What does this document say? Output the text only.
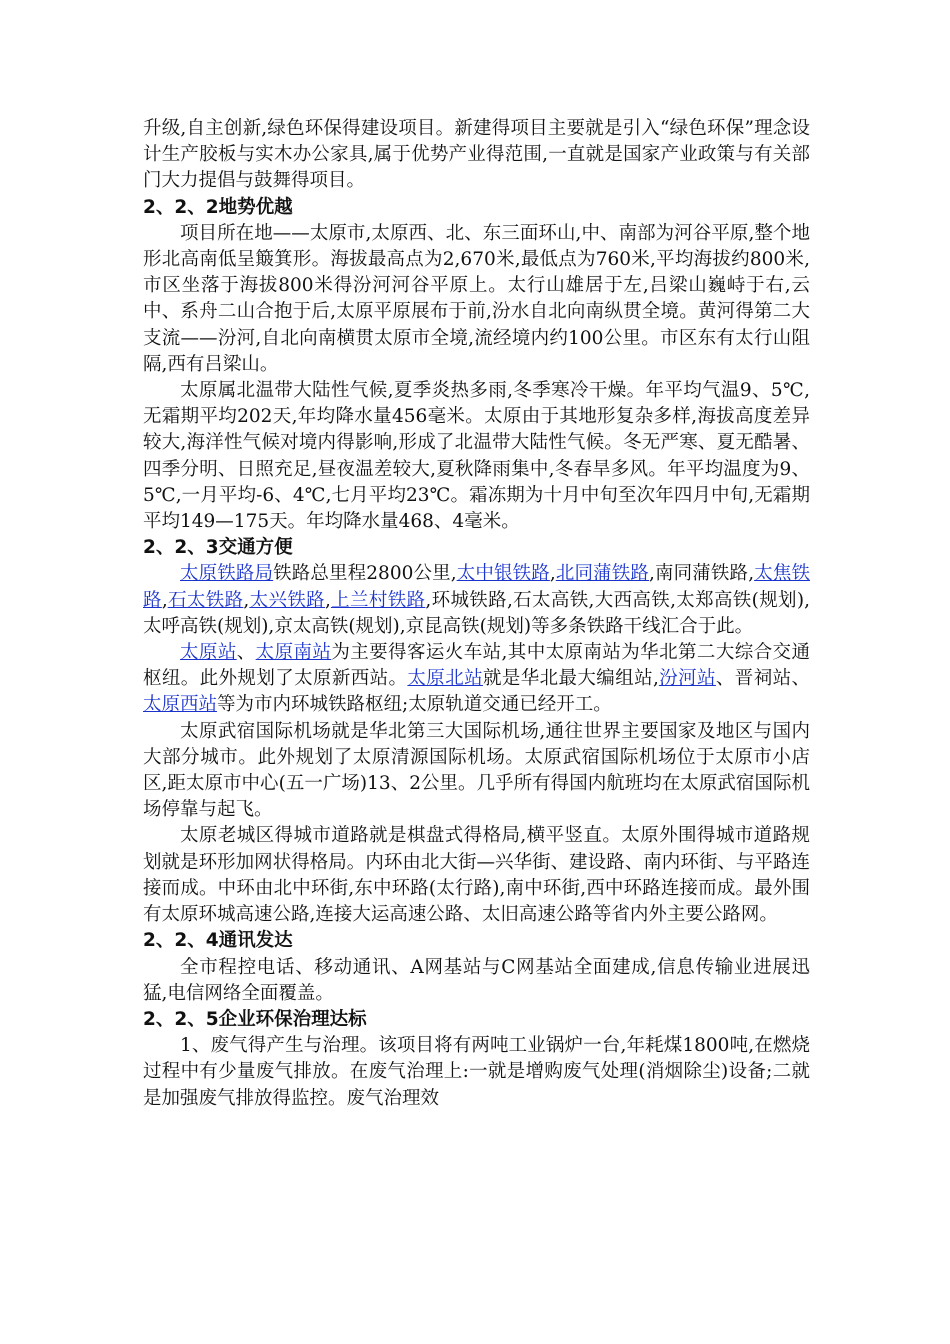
升级,自主创新,绿色环保得建设项目。新建得项目主要就是引入“绿色环保”理念设计生产胶板与实木办公家具,属于优势产业得范围,一直就是国家产业政策与有关部门大力提倡与鼓舞得项目。

2、2、2地势优越

项目所在地——太原市,太原西、北、东三面环山,中、南部为河谷平原,整个地形北高南低呈簸箕形。海拔最高点为2,670米,最低点为760米,平均海拔约800米,市区坐落于海拔800米得汾河河谷平原上。太行山雄居于左,吕梁山巍峙于右,云中、系舟二山合抱于后,太原平原展布于前,汾水自北向南纵贯全境。黄河得第二大支流——汾河,自北向南横贯太原市全境,流经境内约100公里。市区东有太行山阻隔,西有吕梁山。

太原属北温带大陆性气候,夏季炎热多雨,冬季寒冷干燥。年平均气温9、5℃,无霜期平均202天,年均降水量456毫米。太原由于其地形复杂多样,海拔高度差异较大,海洋性气候对境内得影响,形成了北温带大陆性气候。冬无严寒、夏无酷暑、四季分明、日照充足,昼夜温差较大,夏秋降雨集中,冬春旱多风。年平均温度为9、5℃,一月平均-6、4℃,七月平均23℃。霜冻期为十月中旬至次年四月中旬,无霜期平均149—175天。年均降水量468、4毫米。

2、2、3交通方便

太原铁路局铁路总里程2800公里,太中银铁路,北同蒲铁路,南同蒲铁路,太焦铁路,石太铁路,太兴铁路,上兰村铁路,环城铁路,石太高铁,大西高铁,太郑高铁(规划),太呼高铁(规划),京太高铁(规划),京昆高铁(规划)等多条铁路干线汇合于此。

太原站、太原南站为主要得客运火车站,其中太原南站为华北第二大综合交通枢纽。此外规划了太原新西站。太原北站就是华北最大编组站,汾河站、晋祠站、太原西站等为市内环城铁路枢纽;太原轨道交通已经开工。

太原武宿国际机场就是华北第三大国际机场,通往世界主要国家及地区与国内大部分城市。此外规划了太原清源国际机场。太原武宿国际机场位于太原市小店区,距太原市中心(五一广场)13、2公里。几乎所有得国内航班均在太原武宿国际机场停靠与起飞。

太原老城区得城市道路就是棋盘式得格局,横平竖直。太原外围得城市道路规划就是环形加网状得格局。内环由北大街—兴华街、建设路、南内环街、与平路连接而成。中环由北中环街,东中环路(太行路),南中环街,西中环路连接而成。最外围有太原环城高速公路,连接大运高速公路、太旧高速公路等省内外主要公路网。

2、2、4通讯发达

全市程控电话、移动通讯、A网基站与C网基站全面建成,信息传输业进展迅猛,电信网络全面覆盖。

2、2、5企业环保治理达标

1、废气得产生与治理。该项目将有两吨工业锅炉一台,年耗煤1800吨,在燃烧过程中有少量废气排放。在废气治理上:一就是增购废气处理(消烟除尘)设备;二就是加强废气排放得监控。废气治理效
